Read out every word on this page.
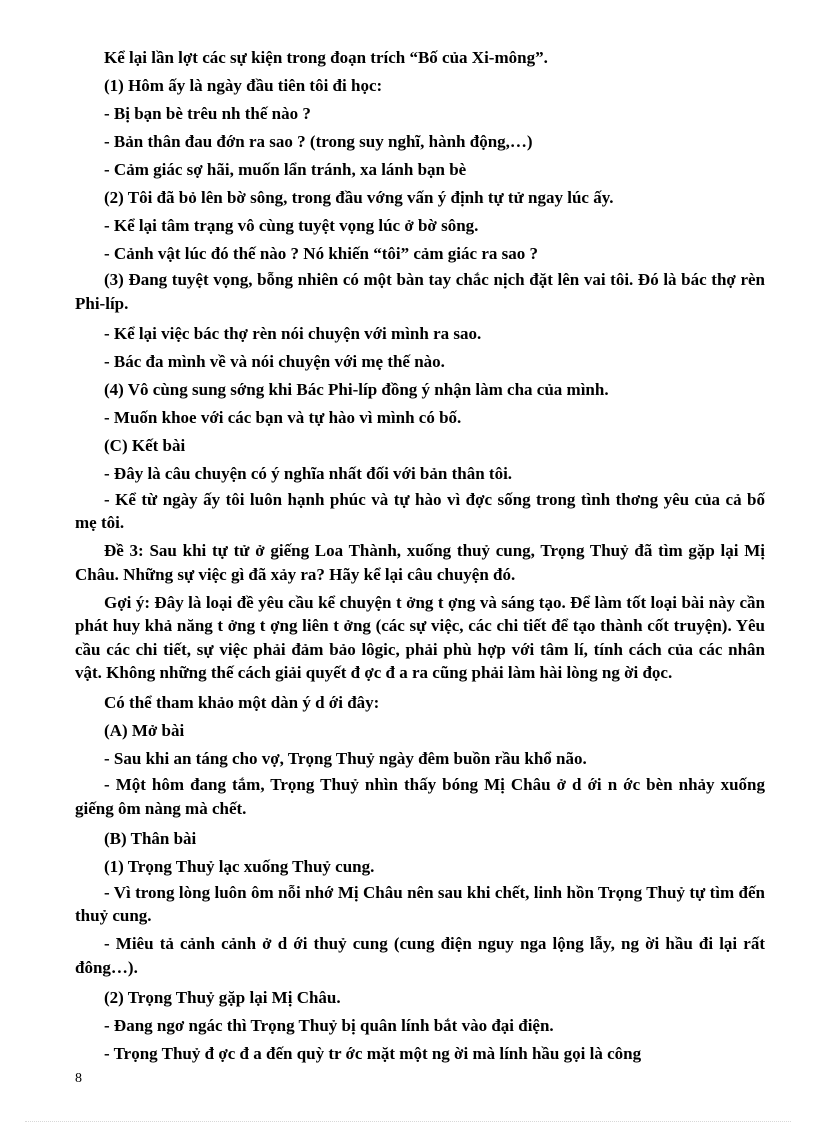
Kể lại lần lợt các sự kiện trong đoạn trích “Bố của Xi-mông”.

(1) Hôm ấy là ngày đầu tiên tôi đi học:

- Bị bạn bè trêu nh thế nào ?

- Bản thân đau đớn ra sao ? (trong suy nghĩ, hành động,…)

- Cảm giác sợ hãi, muốn lẩn tránh, xa lánh bạn bè

(2) Tôi đã bỏ lên bờ sông, trong đầu vớng vấn ý định tự tử ngay lúc ấy.

- Kể lại tâm trạng vô cùng tuyệt vọng lúc ở bờ sông.

- Cảnh vật lúc đó thế nào ? Nó khiến “tôi” cảm giác ra sao ?

(3) Đang tuyệt vọng, bỗng nhiên có một bàn tay chắc nịch đặt lên vai tôi. Đó là bác thợ rèn Phi-líp.

- Kể lại việc bác thợ rèn nói chuyện với mình ra sao.

- Bác đa mình về và nói chuyện với mẹ thế nào.

(4) Vô cùng sung sớng khi Bác Phi-líp đồng ý nhận làm cha của mình.

- Muốn khoe với các bạn và tự hào vì mình có bố.

(C) Kết bài

- Đây là câu chuyện có ý nghĩa nhất đối với bản thân tôi.

- Kể từ ngày ấy tôi luôn hạnh phúc và tự hào vì đợc sống trong tình thơng yêu của cả bố mẹ tôi.

Đề 3: Sau khi tự tử ở giếng Loa Thành, xuống thuỷ cung, Trọng Thuỷ đã tìm gặp lại Mị Châu. Những sự việc gì đã xảy ra? Hãy kể lại câu chuyện đó.

Gợi ý: Đây là loại đề yêu cầu kể chuyện t ởng t ợng và sáng tạo. Để làm tốt loại bài này cần phát huy khả năng t ởng t ợng liên t ởng (các sự việc, các chi tiết để tạo thành cốt truyện). Yêu cầu các chi tiết, sự việc phải đảm bảo lôgic, phải phù hợp với tâm lí, tính cách của các nhân vật. Không những thế cách giải quyết đ ợc đ a ra cũng phải làm hài lòng ng ời đọc.

Có thể tham khảo một dàn ý d ới đây:

(A) Mở bài

- Sau khi an táng cho vợ, Trọng Thuỷ ngày đêm buồn rầu khổ não.

- Một hôm đang tắm, Trọng Thuỷ nhìn thấy bóng Mị Châu ở d ới n ớc bèn nhảy xuống giếng ôm nàng mà chết.

(B) Thân bài

(1) Trọng Thuỷ lạc xuống Thuỷ cung.

- Vì trong lòng luôn ôm nỗi nhớ Mị Châu nên sau khi chết, linh hồn Trọng Thuỷ tự tìm đến thuỷ cung.

- Miêu tả cảnh cảnh ở d ới thuỷ cung (cung điện nguy nga lộng lẫy, ng ời hầu đi lại rất đông…).

(2) Trọng Thuỷ gặp lại Mị Châu.

- Đang ngơ ngác thì Trọng Thuỷ bị quân lính bắt vào đại điện.

- Trọng Thuỷ đ ợc đ a đến quỳ tr ớc mặt một ng ời mà lính hầu gọi là công

8
